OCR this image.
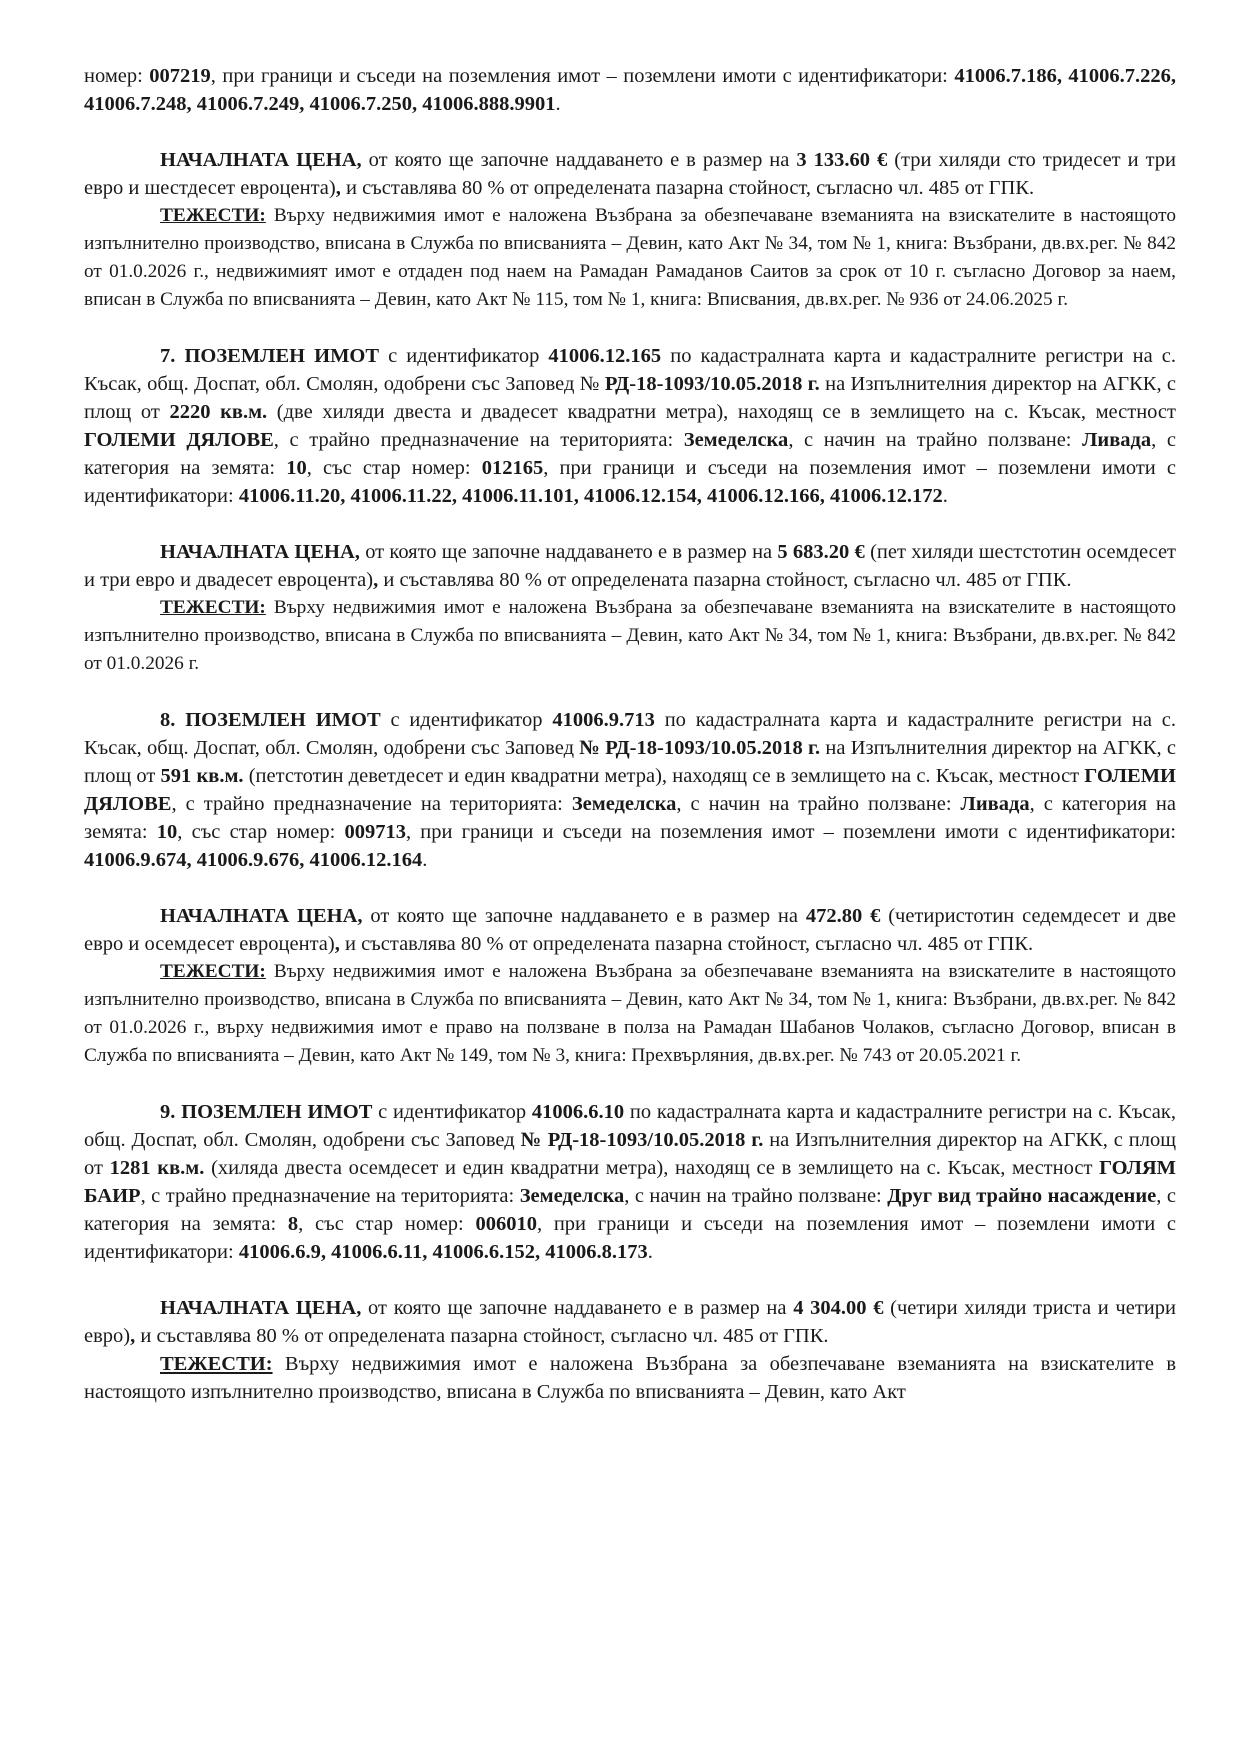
номер: 007219, при граници и съседи на поземления имот – поземлени имоти с идентификатори: 41006.7.186, 41006.7.226, 41006.7.248, 41006.7.249, 41006.7.250, 41006.888.9901.

НАЧАЛНАТА ЦЕНА, от която ще започне наддаването е в размер на 3 133.60 € (три хиляди сто тридесет и три евро и шестдесет евроцента), и съставлява 80 % от определената пазарна стойност, съгласно чл. 485 от ГПК.

ТЕЖЕСТИ: Върху недвижимия имот е наложена Възбрана за обезпечаване вземанията на взискателите в настоящото изпълнително производство, вписана в Служба по вписванията – Девин, като Акт № 34, том № 1, книга: Възбрани, дв.вх.рег. № 842 от 01.0.2026 г., недвижимият имот е отдаден под наем на Рамадан Рамаданов Саитов за срок от 10 г. съгласно Договор за наем, вписан в Служба по вписванията – Девин, като Акт № 115, том № 1, книга: Вписвания, дв.вх.рег. № 936 от 24.06.2025 г.

7. ПОЗЕМЛЕН ИМОТ с идентификатор 41006.12.165 по кадастралната карта и кадастралните регистри на с. Късак, общ. Доспат, обл. Смолян, одобрени със Заповед № РД-18-1093/10.05.2018 г. на Изпълнителния директор на АГКК, с площ от 2220 кв.м. (две хиляди двеста и двадесет квадратни метра), находящ се в землището на с. Късак, местност ГОЛЕМИ ДЯЛОВЕ, с трайно предназначение на територията: Земеделска, с начин на трайно ползване: Ливада, с категория на земята: 10, със стар номер: 012165, при граници и съседи на поземления имот – поземлени имоти с идентификатори: 41006.11.20, 41006.11.22, 41006.11.101, 41006.12.154, 41006.12.166, 41006.12.172.

НАЧАЛНАТА ЦЕНА, от която ще започне наддаването е в размер на 5 683.20 € (пет хиляди шестстотин осемдесет и три евро и двадесет евроцента), и съставлява 80 % от определената пазарна стойност, съгласно чл. 485 от ГПК.

ТЕЖЕСТИ: Върху недвижимия имот е наложена Възбрана за обезпечаване вземанията на взискателите в настоящото изпълнително производство, вписана в Служба по вписванията – Девин, като Акт № 34, том № 1, книга: Възбрани, дв.вх.рег. № 842 от 01.0.2026 г.

8. ПОЗЕМЛЕН ИМОТ с идентификатор 41006.9.713 по кадастралната карта и кадастралните регистри на с. Късак, общ. Доспат, обл. Смолян, одобрени със Заповед № РД-18-1093/10.05.2018 г. на Изпълнителния директор на АГКК, с площ от 591 кв.м. (петстотин деветдесет и един квадратни метра), находящ се в землището на с. Късак, местност ГОЛЕМИ ДЯЛОВЕ, с трайно предназначение на територията: Земеделска, с начин на трайно ползване: Ливада, с категория на земята: 10, със стар номер: 009713, при граници и съседи на поземления имот – поземлени имоти с идентификатори: 41006.9.674, 41006.9.676, 41006.12.164.

НАЧАЛНАТА ЦЕНА, от която ще започне наддаването е в размер на 472.80 € (четиристотин седемдесет и две евро и осемдесет евроцента), и съставлява 80 % от определената пазарна стойност, съгласно чл. 485 от ГПК.

ТЕЖЕСТИ: Върху недвижимия имот е наложена Възбрана за обезпечаване вземанията на взискателите в настоящото изпълнително производство, вписана в Служба по вписванията – Девин, като Акт № 34, том № 1, книга: Възбрани, дв.вх.рег. № 842 от 01.0.2026 г., върху недвижимия имот е право на ползване в полза на Рамадан Шабанов Чолаков, съгласно Договор, вписан в Служба по вписванията – Девин, като Акт № 149, том № 3, книга: Прехвърляния, дв.вх.рег. № 743 от 20.05.2021 г.

9. ПОЗЕМЛЕН ИМОТ с идентификатор 41006.6.10 по кадастралната карта и кадастралните регистри на с. Късак, общ. Доспат, обл. Смолян, одобрени със Заповед № РД-18-1093/10.05.2018 г. на Изпълнителния директор на АГКК, с площ от 1281 кв.м. (хиляда двеста осемдесет и един квадратни метра), находящ се в землището на с. Късак, местност ГОЛЯМ БАИР, с трайно предназначение на територията: Земеделска, с начин на трайно ползване: Друг вид трайно насаждение, с категория на земята: 8, със стар номер: 006010, при граници и съседи на поземления имот – поземлени имоти с идентификатори: 41006.6.9, 41006.6.11, 41006.6.152, 41006.8.173.

НАЧАЛНАТА ЦЕНА, от която ще започне наддаването е в размер на 4 304.00 € (четири хиляди триста и четири евро), и съставлява 80 % от определената пазарна стойност, съгласно чл. 485 от ГПК.

ТЕЖЕСТИ: Върху недвижимия имот е наложена Възбрана за обезпечаване вземанията на взискателите в настоящото изпълнително производство, вписана в Служба по вписванията – Девин, като Акт
